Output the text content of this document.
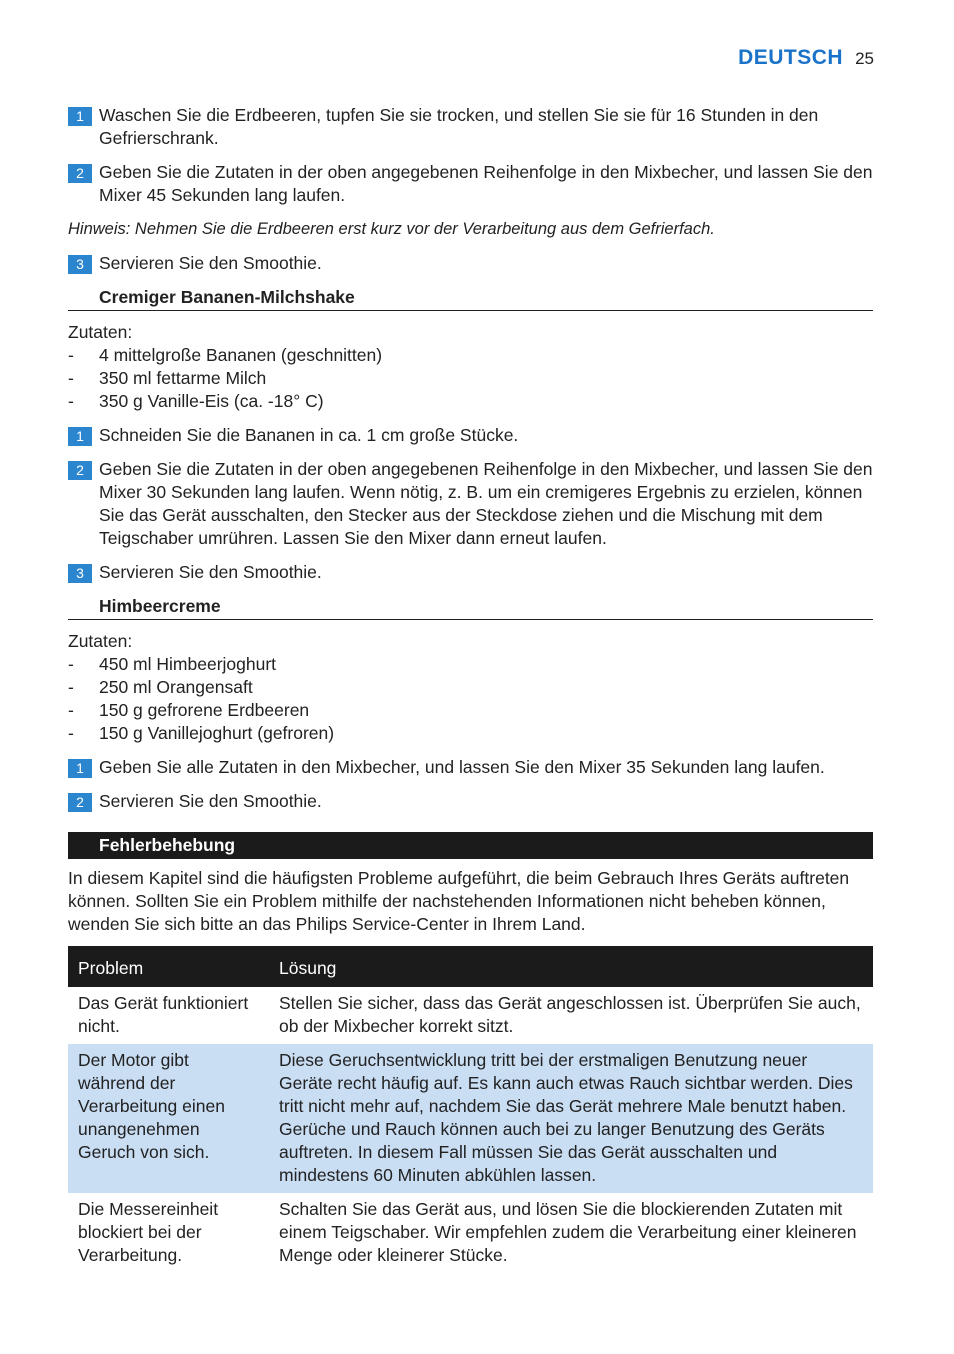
DEUTSCH 25
1 Waschen Sie die Erdbeeren, tupfen Sie sie trocken, und stellen Sie sie für 16 Stunden in den Gefrierschrank.
2 Geben Sie die Zutaten in der oben angegebenen Reihenfolge in den Mixbecher, und lassen Sie den Mixer 45 Sekunden lang laufen.
Hinweis: Nehmen Sie die Erdbeeren erst kurz vor der Verarbeitung aus dem Gefrierfach.
3 Servieren Sie den Smoothie.
Cremiger Bananen-Milchshake
Zutaten:
- 4 mittelgroße Bananen (geschnitten)
- 350 ml fettarme Milch
- 350 g Vanille-Eis (ca. -18° C)
1 Schneiden Sie die Bananen in ca. 1 cm große Stücke.
2 Geben Sie die Zutaten in der oben angegebenen Reihenfolge in den Mixbecher, und lassen Sie den Mixer 30 Sekunden lang laufen. Wenn nötig, z. B. um ein cremigeres Ergebnis zu erzielen, können Sie das Gerät ausschalten, den Stecker aus der Steckdose ziehen und die Mischung mit dem Teigschaber umrühren. Lassen Sie den Mixer dann erneut laufen.
3 Servieren Sie den Smoothie.
Himbeercreme
Zutaten:
- 450 ml Himbeerjoghurt
- 250 ml Orangensaft
- 150 g gefrorene Erdbeeren
- 150 g Vanillejoghurt (gefroren)
1 Geben Sie alle Zutaten in den Mixbecher, und lassen Sie den Mixer 35 Sekunden lang laufen.
2 Servieren Sie den Smoothie.
Fehlerbehebung
In diesem Kapitel sind die häufigsten Probleme aufgeführt, die beim Gebrauch Ihres Geräts auftreten können. Sollten Sie ein Problem mithilfe der nachstehenden Informationen nicht beheben können, wenden Sie sich bitte an das Philips Service-Center in Ihrem Land.
Problem	Lösung
Das Gerät funktioniert nicht.	Stellen Sie sicher, dass das Gerät angeschlossen ist. Überprüfen Sie auch, ob der Mixbecher korrekt sitzt.
Der Motor gibt während der Verarbeitung einen unangenehmen Geruch von sich.	Diese Geruchsentwicklung tritt bei der erstmaligen Benutzung neuer Geräte recht häufig auf. Es kann auch etwas Rauch sichtbar werden. Dies tritt nicht mehr auf, nachdem Sie das Gerät mehrere Male benutzt haben. Gerüche und Rauch können auch bei zu langer Benutzung des Geräts auftreten. In diesem Fall müssen Sie das Gerät ausschalten und mindestens 60 Minuten abkühlen lassen.
Die Messereinheit blockiert bei der Verarbeitung.	Schalten Sie das Gerät aus, und lösen Sie die blockierenden Zutaten mit einem Teigschaber. Wir empfehlen zudem die Verarbeitung einer kleineren Menge oder kleinerer Stücke.
